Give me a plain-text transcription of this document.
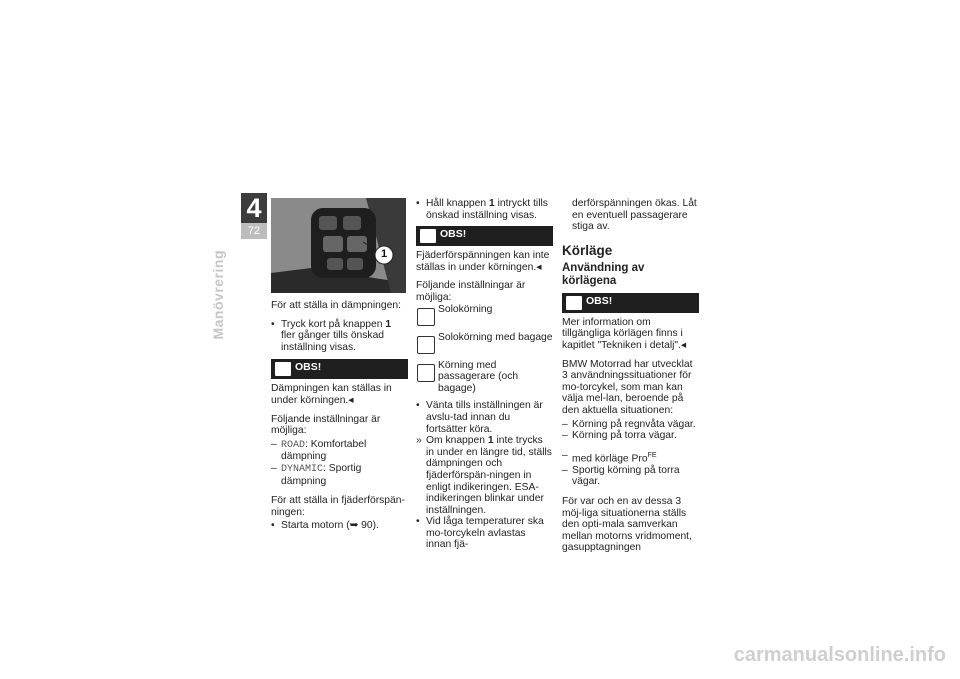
4
72
Manövrering	1

För att ställa in dämpningen:

• Tryck kort på knappen 1 fler gånger tills önskad inställning visas.
OBS!

Dämpningen kan ställas in under körningen.◂

Följande inställningar är möjliga:

– ROAD: Komfortabel dämpning
– DYNAMIC: Sportig dämpning

För att ställa in fjäderförspän-ningen:

• Starta motorn (➥ 90).
• Håll knappen 1 intryckt tills önskad inställning visas.
OBS!

Fjäderförspänningen kan inte ställas in under körningen.◂

Följande inställningar är möjliga:

Solokörning
Solokörning med bagage
Körning med passagerare (och bagage)
• Vänta tills inställningen är avslu-tad innan du fortsätter köra.
» Om knappen 1 inte trycks in under en längre tid, ställs dämpningen och fjäderförspän-ningen in enligt indikeringen. ESA-indikeringen blinkar under inställningen.
• Vid låga temperaturer ska mo-torcykeln avlastas innan fjä-

derförspänningen ökas. Låt en eventuell passagerare stiga av.

Körläge
Användning av körlägena
OBS!

Mer information om tillgängliga körlägen finns i kapitlet "Tekniken i detalj".◂

BMW Motorrad har utvecklat 3 användningssituationer för mo-torcykel, som man kan välja mel-lan, beroende på den aktuella situationen:

– Körning på regnvåta vägar.
– Körning på torra vägar.
– med körläge Pro$^{FE}$
– Sportig körning på torra vägar.

För var och en av dessa 3 möj-liga situationerna ställs den opti-mala samverkan mellan motorns vridmoment, gasupptagningen

carmanualsonline.info
